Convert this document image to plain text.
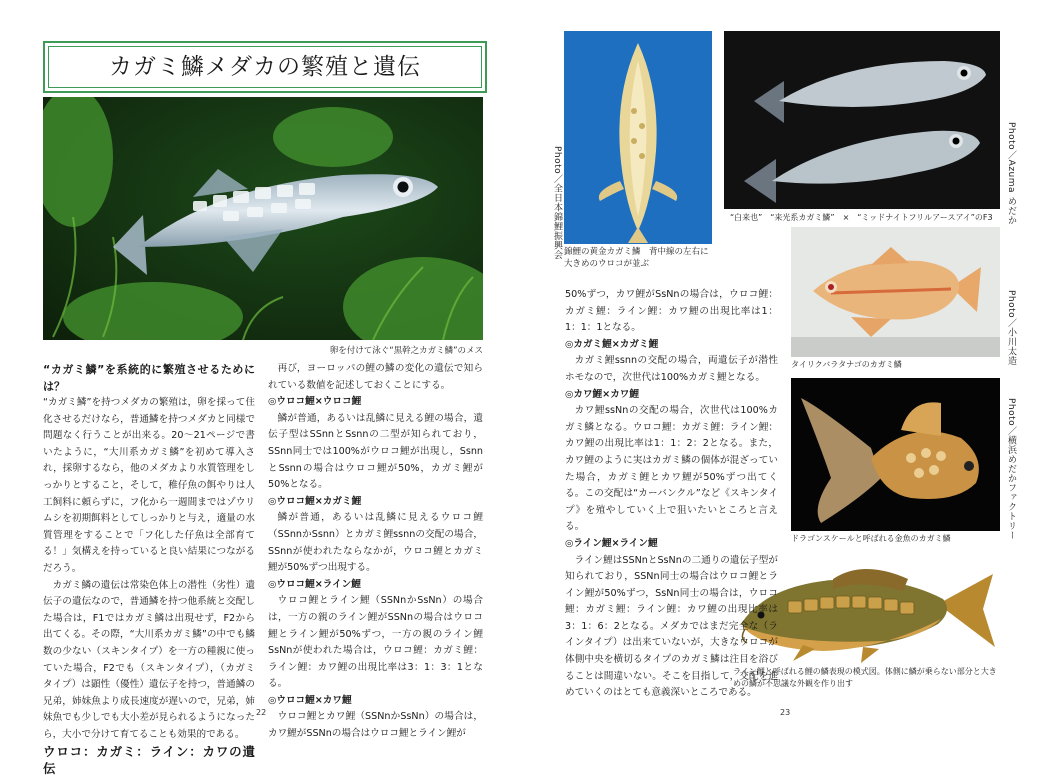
カガミ鱗メダカの繁殖と遺伝
卵を付けて泳ぐ“黒幹之カガミ鱗”のメス

“カガミ鱗”を系統的に繁殖させるためには？

“カガミ鱗”を持つメダカの繁殖は，卵を採って住化させるだけなら，普通鱗を持つメダカと同様で問題なく行うことが出来る。20～21ページで書いたように，“大川系カガミ鱗”を初めて導入され，採卵するなら，他のメダカより水質管理をしっかりとすること，そして，稚仔魚の餌やりは人工飼料に頼らずに，フ化から一週間まではゾウリムシを初期餌料としてしっかりと与え，適量の水質管理をすることで「フ化した仔魚は全部育てる！」気構えを持っていると良い結果につながるだろう。

カガミ鱗の遺伝は常染色体上の潜性（劣性）遺伝子の遺伝なので，普通鱗を持つ他系統と交配した場合は，F1ではカガミ鱗は出現せず，F2から出てくる。その際，“大川系カガミ鱗”の中でも鱗数の少ない（スキンタイプ）を一方の種親に使っていた場合，F2でも（スキンタイプ），（カガミタイプ）は顕性（優性）遺伝子を持つ，普通鱗の兄弟，姉妹魚より成長速度が遅いので，兄弟，姉妹魚でも少しでも大小差が見られるようになったら，大小で分けて育てることも効果的である。

ウロコ：カガミ：ライン：カワの遺伝

再び，ヨーロッパの鯉の鱗の変化の遺伝で知られている数値を記述しておくことにする。

◎ウロコ鯉×ウロコ鯉

鱗が普通，あるいは乱鱗に見える鯉の場合，遺伝子型はSSnnとSsnnの二型が知られており，SSnn同士では100%がウロコ鯉が出現し，SsnnとSsnnの場合はウロコ鯉が50%，カガミ鯉が50%となる。

◎ウロコ鯉×カガミ鯉

鱗が普通，あるいは乱鱗に見えるウロコ鯉（SSnnかSsnn）とカガミ鯉ssnnの交配の場合，SSnnが使われたならなかが，ウロコ鯉とカガミ鯉が50%ずつ出現する。

◎ウロコ鯉×ライン鯉

ウロコ鯉とライン鯉（SSNnかSsNn）の場合は，一方の親のライン鯉がSSNnの場合はウロコ鯉とライン鯉が50%ずつ，一方の親のライン鯉SsNnが使われた場合は，ウロコ鯉：カガミ鯉：ライン鯉：カワ鯉の出現比率は3：1：3：1となる。

◎ウロコ鯉×カワ鯉

ウロコ鯉とカワ鯉（SSNnかSsNn）の場合は，カワ鯉がSSNnの場合はウロコ鯉とライン鯉が

22
Photo／全日本錦鯉振興会 錦鯉の黄金カガミ鱗　背中線の左右に大きめのウロコが並ぶ
Photo／Azuma めだか
“白来也”　“来光系カガミ鱗”　×　“ミッドナイトフリルアースアイ”のF3
Photo／小川太造
タイリクバラタナゴのカガミ鱗
Photo／横浜めだかファクトリー
ドラゴンスケールと呼ばれる金魚のカガミ鱗
ライン鯉と呼ばれる鯉の鱗表現の模式図。体側に鱗が乗らない部分と大きめの鱗が不思議な外観を作り出す

50%ずつ，カワ鯉がSsNnの場合は，ウロコ鯉：カガミ鯉：ライン鯉：カワ鯉の出現比率は1：1：1：1となる。

◎カガミ鯉×カガミ鯉

カガミ鯉ssnnの交配の場合，両遺伝子が潜性ホモなので，次世代は100%カガミ鯉となる。

◎カワ鯉×カワ鯉

カワ鯉ssNnの交配の場合，次世代は100%カガミ鱗となる。ウロコ鯉：カガミ鯉：ライン鯉：カワ鯉の出現比率は1：1：2：2となる。また，カワ鯉のように実はカガミ鱗の個体が混ざっていた場合，カガミ鯉とカワ鯉が50%ずつ出てくる。この交配は“カーバンクル”など《スキンタイプ》を殖やしていく上で狙いたいところと言える。

◎ライン鯉×ライン鯉

ライン鯉はSSNnとSsNnの二通りの遺伝子型が知られており，SSNn同士の場合はウロコ鯉とライン鯉が50%ずつ，SsNn同士の場合は，ウロコ鯉：カガミ鯉：ライン鯉：カワ鯉の出現比率は3：1：6：2となる。メダカではまだ完全な（ラインタイプ）は出来ていないが，大きなウロコが体側中央を横切るタイプのカガミ鱗は注目を浴びることは間違いない。そこを目指して，交配を進めていくのはとても意義深いところである。

23
